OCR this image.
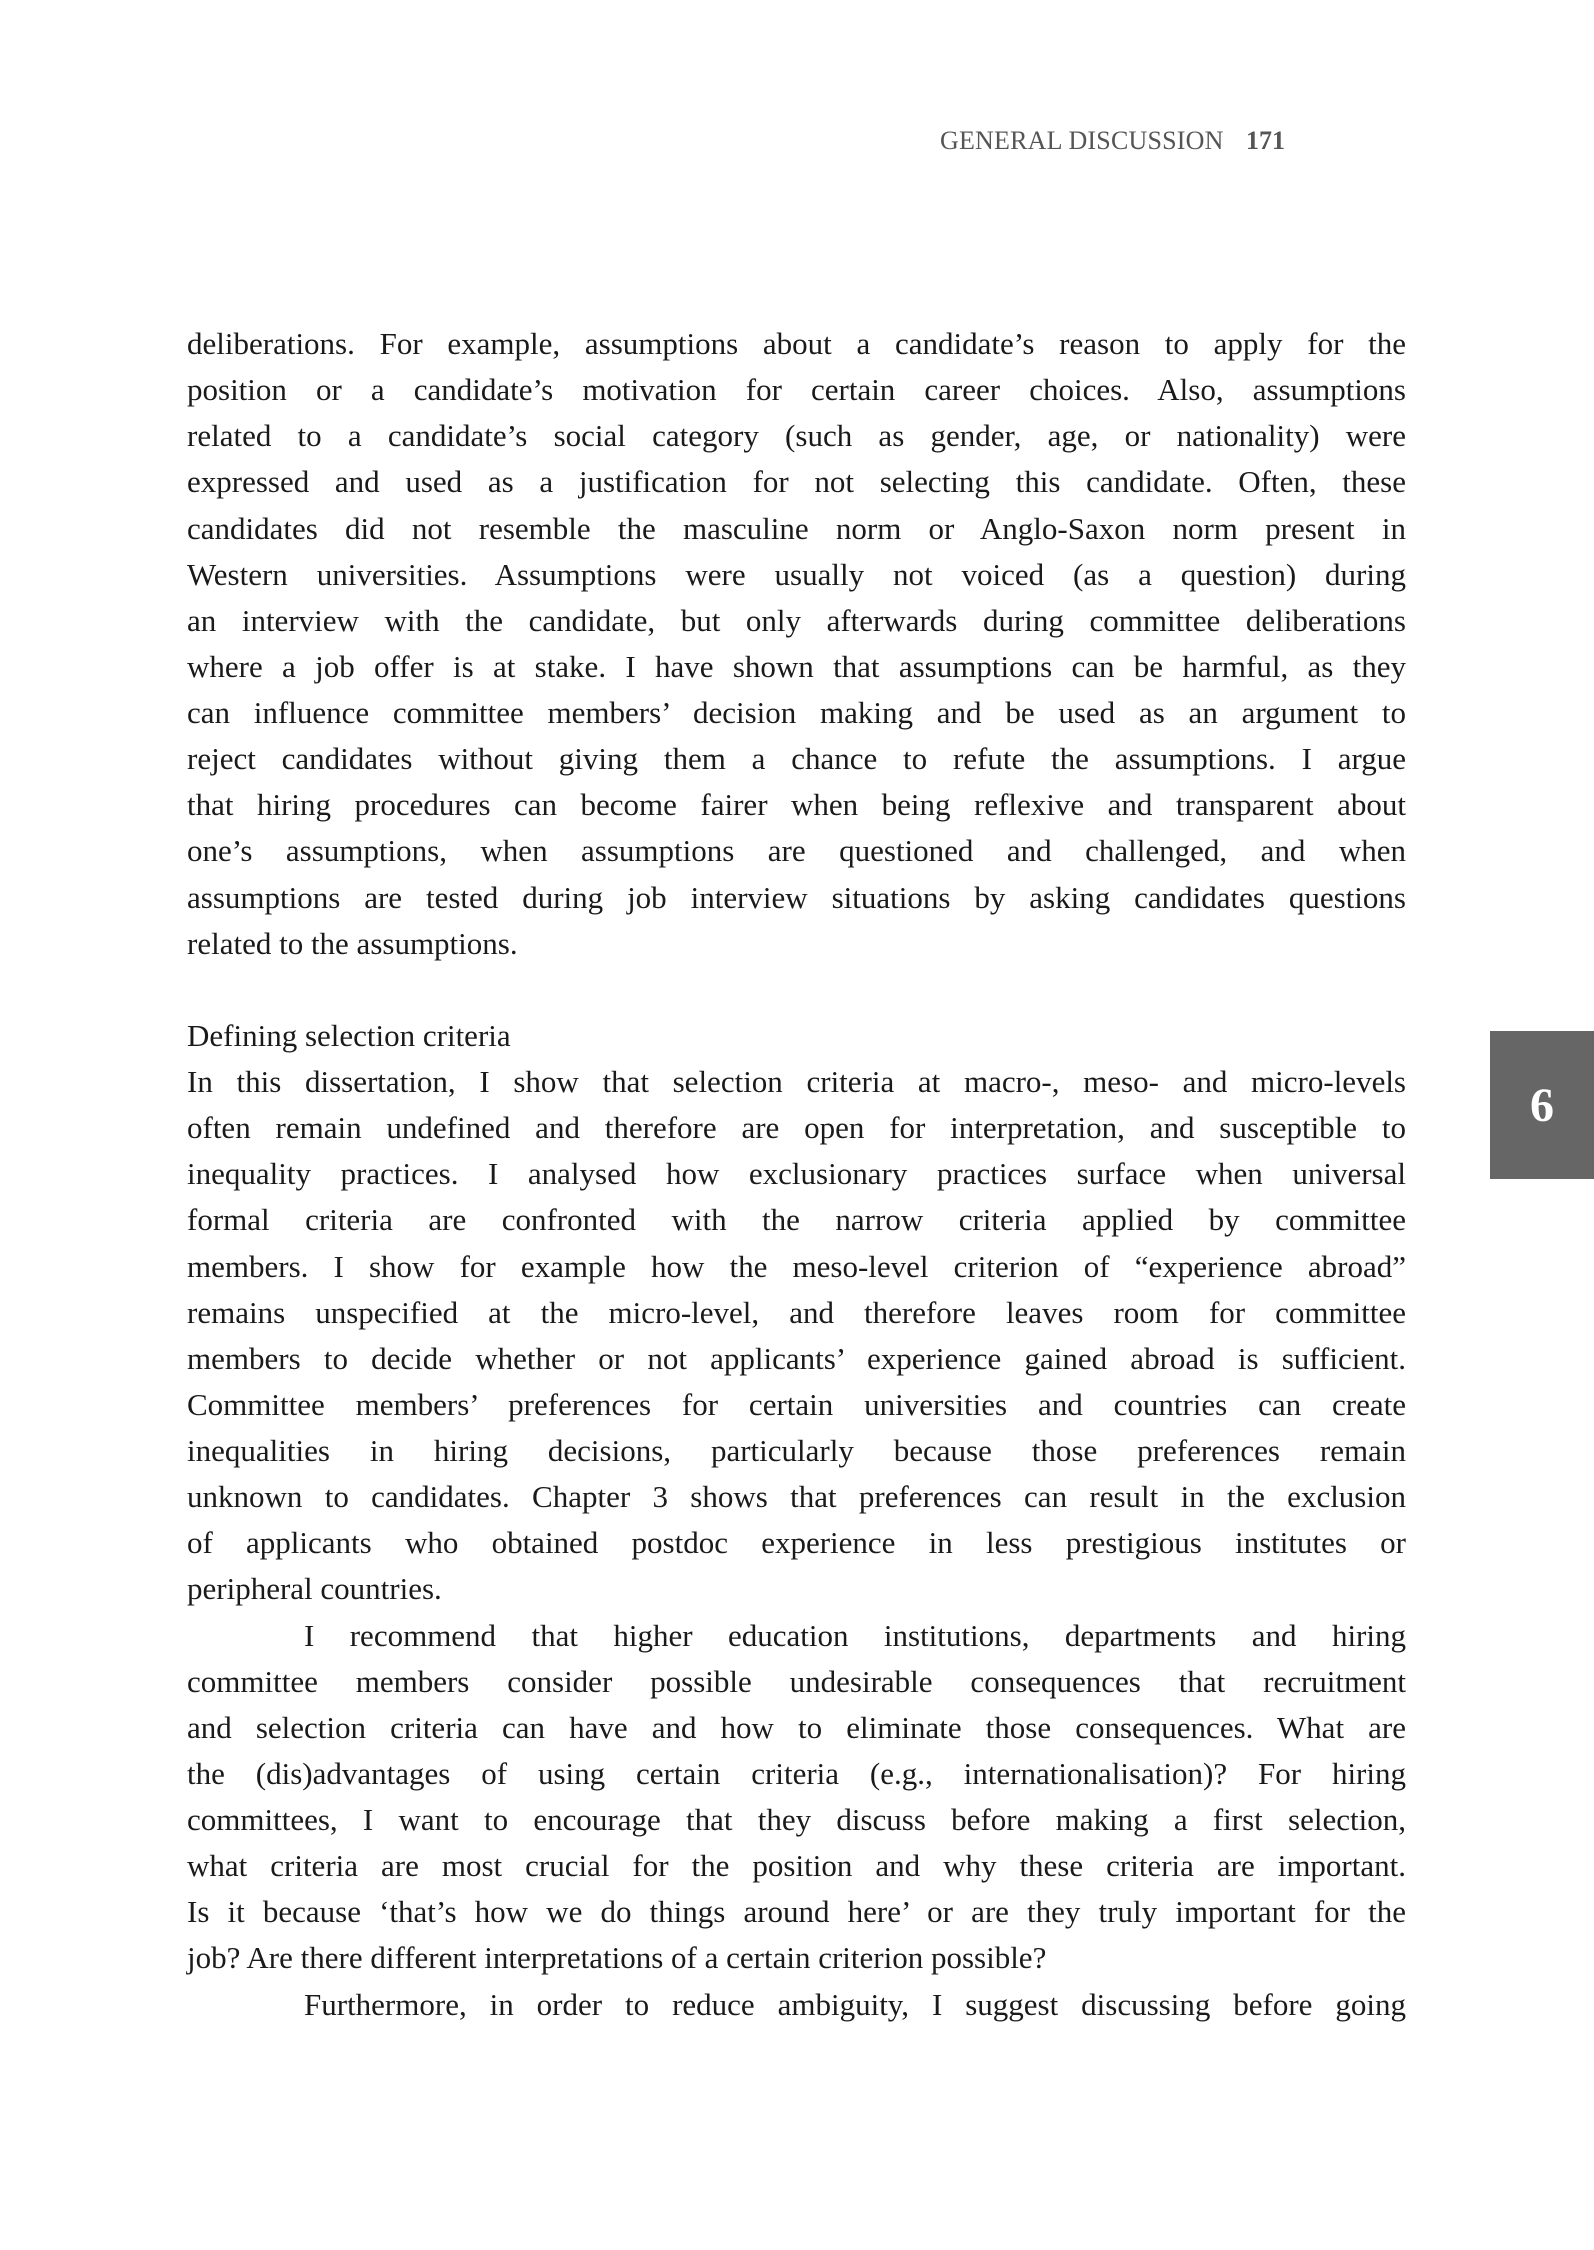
GENERAL DISCUSSION 171
deliberations. For example, assumptions about a candidate’s reason to apply for the
position or a candidate’s motivation for certain career choices. Also, assumptions
related to a candidate’s social category (such as gender, age, or nationality) were
expressed and used as a justification for not selecting this candidate. Often, these
candidates did not resemble the masculine norm or Anglo-Saxon norm present in
Western universities. Assumptions were usually not voiced (as a question) during
an interview with the candidate, but only afterwards during committee deliberations
where a job offer is at stake. I have shown that assumptions can be harmful, as they
can influence committee members’ decision making and be used as an argument to
reject candidates without giving them a chance to refute the assumptions. I argue
that hiring procedures can become fairer when being reflexive and transparent about
one’s assumptions, when assumptions are questioned and challenged, and when
assumptions are tested during job interview situations by asking candidates questions
related to the assumptions.
Defining selection criteria
In this dissertation, I show that selection criteria at macro-, meso- and micro-levels
often remain undefined and therefore are open for interpretation, and susceptible to
inequality practices. I analysed how exclusionary practices surface when universal
formal criteria are confronted with the narrow criteria applied by committee
members. I show for example how the meso-level criterion of “experience abroad”
remains unspecified at the micro-level, and therefore leaves room for committee
members to decide whether or not applicants’ experience gained abroad is sufficient.
Committee members’ preferences for certain universities and countries can create
inequalities in hiring decisions, particularly because those preferences remain
unknown to candidates. Chapter 3 shows that preferences can result in the exclusion
of applicants who obtained postdoc experience in less prestigious institutes or
peripheral countries.
I recommend that higher education institutions, departments and hiring
committee members consider possible undesirable consequences that recruitment
and selection criteria can have and how to eliminate those consequences. What are
the (dis)advantages of using certain criteria (e.g., internationalisation)? For hiring
committees, I want to encourage that they discuss before making a first selection,
what criteria are most crucial for the position and why these criteria are important.
Is it because ‘that’s how we do things around here’ or are they truly important for the
job? Are there different interpretations of a certain criterion possible?
Furthermore, in order to reduce ambiguity, I suggest discussing before going
6
